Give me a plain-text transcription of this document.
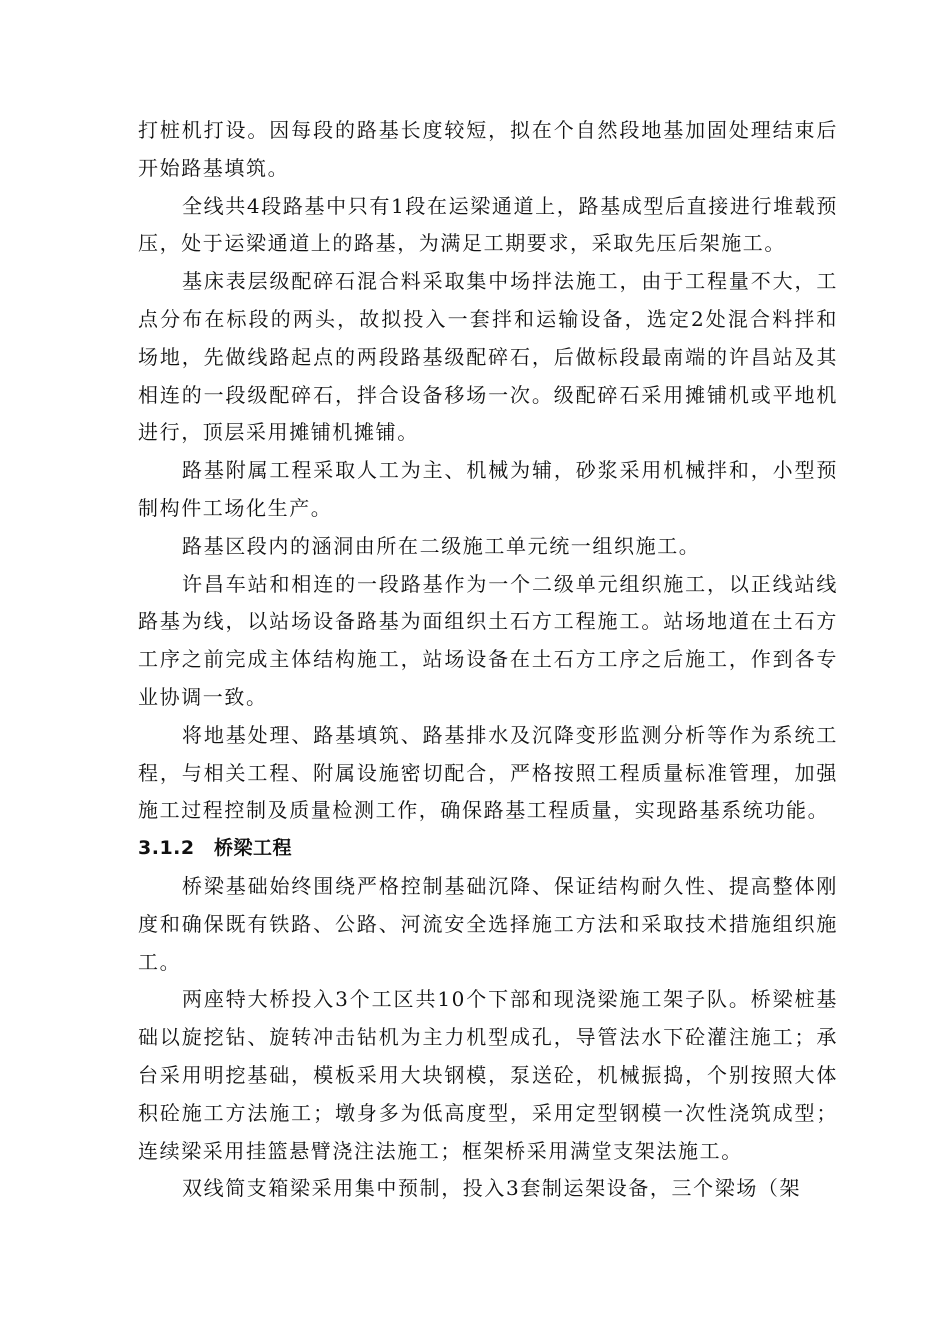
打桩机打设。因每段的路基长度较短，拟在个自然段地基加固处理结束后开始路基填筑。

全线共4段路基中只有1段在运梁通道上，路基成型后直接进行堆载预压，处于运梁通道上的路基，为满足工期要求，采取先压后架施工。

基床表层级配碎石混合料采取集中场拌法施工，由于工程量不大，工点分布在标段的两头，故拟投入一套拌和运输设备，选定2处混合料拌和场地，先做线路起点的两段路基级配碎石，后做标段最南端的许昌站及其相连的一段级配碎石，拌合设备移场一次。级配碎石采用摊铺机或平地机进行，顶层采用摊铺机摊铺。

路基附属工程采取人工为主、机械为辅，砂浆采用机械拌和，小型预制构件工场化生产。

路基区段内的涵洞由所在二级施工单元统一组织施工。

许昌车站和相连的一段路基作为一个二级单元组织施工，以正线站线路基为线，以站场设备路基为面组织土石方工程施工。站场地道在土石方工序之前完成主体结构施工，站场设备在土石方工序之后施工，作到各专业协调一致。

将地基处理、路基填筑、路基排水及沉降变形监测分析等作为系统工程，与相关工程、附属设施密切配合，严格按照工程质量标准管理，加强施工过程控制及质量检测工作，确保路基工程质量，实现路基系统功能。

3.1.2 桥梁工程

桥梁基础始终围绕严格控制基础沉降、保证结构耐久性、提高整体刚度和确保既有铁路、公路、河流安全选择施工方法和采取技术措施组织施工。

两座特大桥投入3个工区共10个下部和现浇梁施工架子队。桥梁桩基础以旋挖钻、旋转冲击钻机为主力机型成孔，导管法水下砼灌注施工；承台采用明挖基础，模板采用大块钢模，泵送砼，机械振捣，个别按照大体积砼施工方法施工；墩身多为低高度型，采用定型钢模一次性浇筑成型；连续梁采用挂篮悬臂浇注法施工；框架桥采用满堂支架法施工。

双线简支箱梁采用集中预制，投入3套制运架设备，三个梁场（架
